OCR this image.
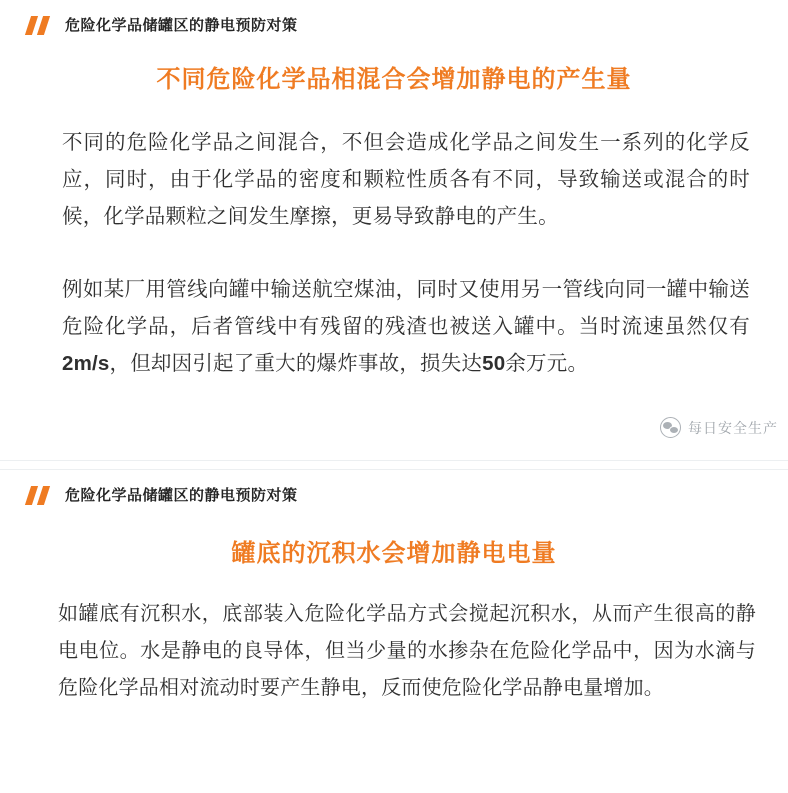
危险化学品储罐区的静电预防对策
不同危险化学品相混合会增加静电的产生量

不同的危险化学品之间混合，不但会造成化学品之间发生一系列的化学反应，同时，由于化学品的密度和颗粒性质各有不同，导致输送或混合的时候，化学品颗粒之间发生摩擦，更易导致静电的产生。

例如某厂用管线向罐中输送航空煤油，同时又使用另一管线向同一罐中输送危险化学品，后者管线中有残留的残渣也被送入罐中。当时流速虽然仅有2m/s，但却因引起了重大的爆炸事故，损失达50余万元。

每日安全生产
危险化学品储罐区的静电预防对策
罐底的沉积水会增加静电电量

如罐底有沉积水，底部装入危险化学品方式会搅起沉积水，从而产生很高的静电电位。水是静电的良导体，但当少量的水掺杂在危险化学品中，因为水滴与危险化学品相对流动时要产生静电，反而使危险化学品静电量增加。
